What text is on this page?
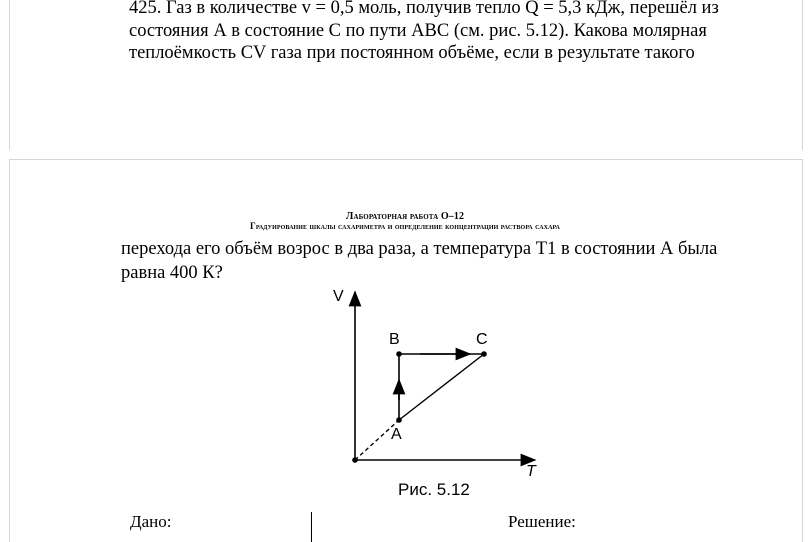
425. Газ в количестве v = 0,5 моль, получив тепло Q = 5,3 кДж, перешёл из
состояния А в состояние С по пути АВС (см. рис. 5.12). Какова молярная
теплоёмкость CV газа при постоянном объёме, если в результате такого
Лабораторная работа О–12
Градуирование шкалы сахариметра и определение концентрации раствора сахара
перехода его объём возрос в два раза, а температура Т1 в состоянии А была
равна 400 К?
V
T
A
B	C
Рис. 5.12
Дано:	Решение:
